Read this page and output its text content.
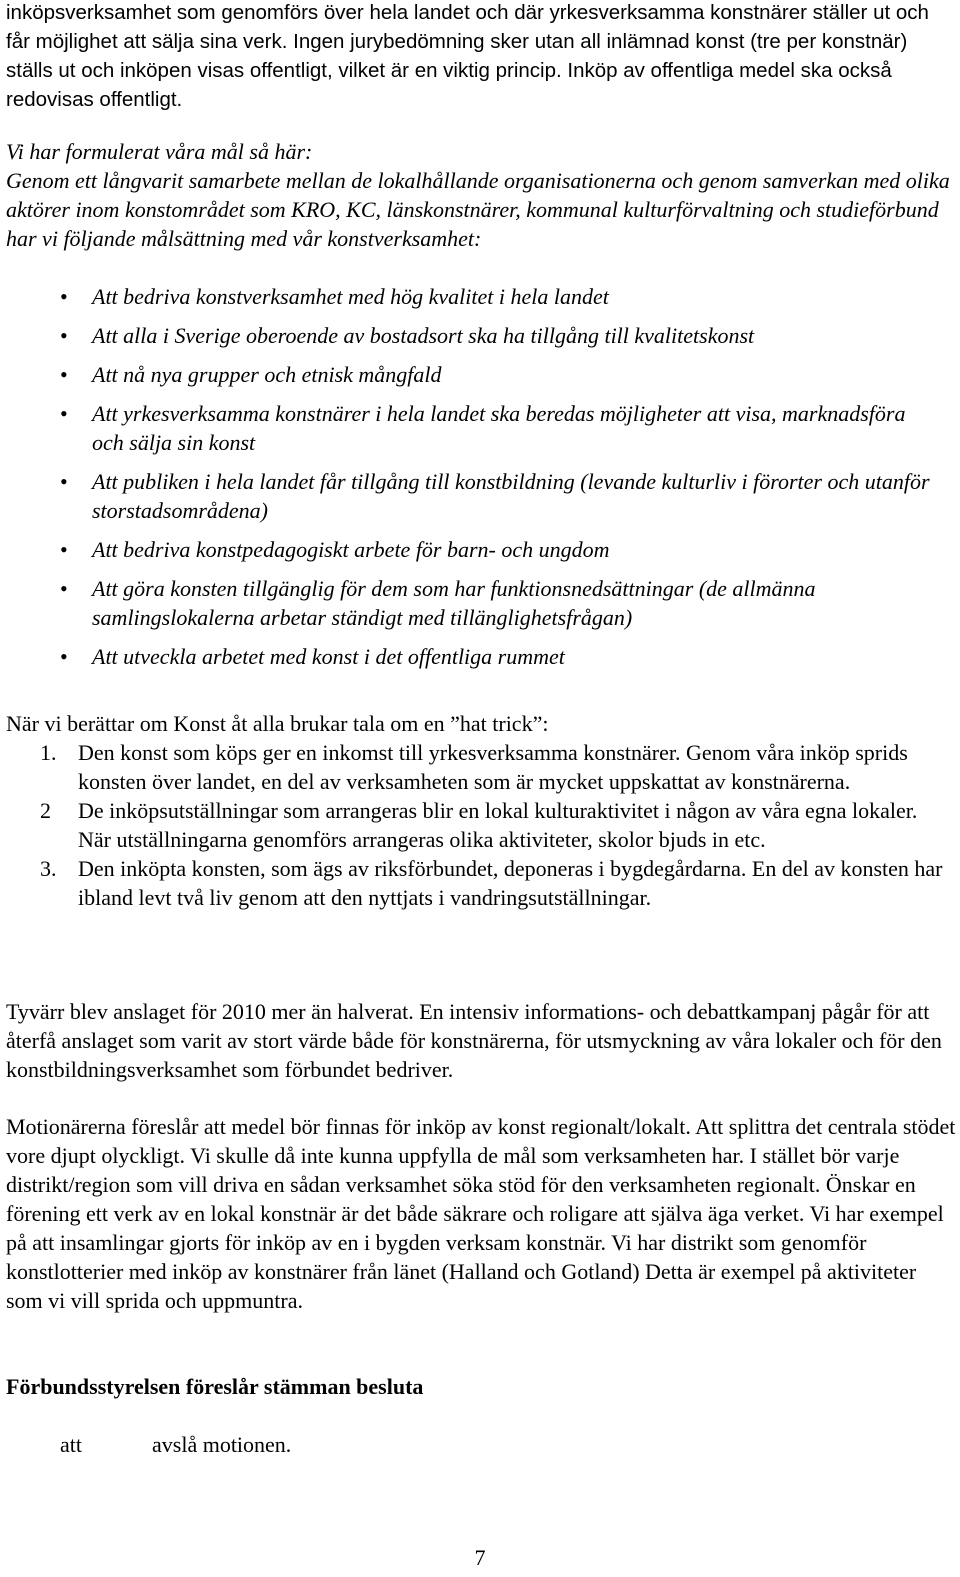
inköpsverksamhet som genomförs över hela landet och där yrkesverksamma konstnärer ställer ut och får möjlighet att sälja sina verk. Ingen jurybedömning sker utan all inlämnad konst (tre per konstnär) ställs ut och inköpen visas offentligt, vilket är en viktig princip. Inköp av offentliga medel ska också redovisas offentligt.

Vi har formulerat våra mål så här:

Genom ett långvarit samarbete mellan de lokalhållande organisationerna och genom samverkan med olika aktörer inom konstområdet som KRO, KC, länskonstnärer, kommunal kulturförvaltning och studieförbund har vi följande målsättning med vår konstverksamhet:

• Att bedriva konstverksamhet med hög kvalitet i hela landet
• Att alla i Sverige oberoende av bostadsort ska ha tillgång till kvalitetskonst
• Att nå nya grupper och etnisk mångfald
• Att yrkesverksamma konstnärer i hela landet ska beredas möjligheter att visa, marknadsföra och sälja sin konst
• Att publiken i hela landet får tillgång till konstbildning (levande kulturliv i förorter och utanför storstadsområdena)
• Att bedriva konstpedagogiskt arbete för barn- och ungdom
• Att göra konsten tillgänglig för dem som har funktionsnedsättningar (de allmänna samlingslokalerna arbetar ständigt med tillänglighetsfrågan)
• Att utveckla arbetet med konst i det offentliga rummet

När vi berättar om Konst åt alla brukar tala om en ”hat trick”:

1. Den konst som köps ger en inkomst till yrkesverksamma konstnärer. Genom våra inköp sprids konsten över landet, en del av verksamheten som är mycket uppskattat av konstnärerna.
2 De inköpsutställningar som arrangeras blir en lokal kulturaktivitet i någon av våra egna lokaler. När utställningarna genomförs arrangeras olika aktiviteter, skolor bjuds in etc.
3. Den inköpta konsten, som ägs av riksförbundet, deponeras i bygdegårdarna. En del av konsten har ibland levt två liv genom att den nyttjats i vandringsutställningar.

Tyvärr blev anslaget för 2010 mer än halverat. En intensiv informations- och debattkampanj pågår för att återfå anslaget som varit av stort värde både för konstnärerna, för utsmyckning av våra lokaler och för den konstbildningsverksamhet som förbundet bedriver.

Motionärerna föreslår att medel bör finnas för inköp av konst regionalt/lokalt. Att splittra det centrala stödet vore djupt olyckligt. Vi skulle då inte kunna uppfylla de mål som verksamheten har. I stället bör varje distrikt/region som vill driva en sådan verksamhet söka stöd för den verksamheten regionalt. Önskar en förening ett verk av en lokal konstnär är det både säkrare och roligare att själva äga verket. Vi har exempel på att insamlingar gjorts för inköp av en i bygden verksam konstnär. Vi har distrikt som genomför konstlotterier med inköp av konstnärer från länet (Halland och Gotland) Detta är exempel på aktiviteter som vi vill sprida och uppmuntra.

Förbundsstyrelsen föreslår stämman besluta

att	avslå motionen.

7
